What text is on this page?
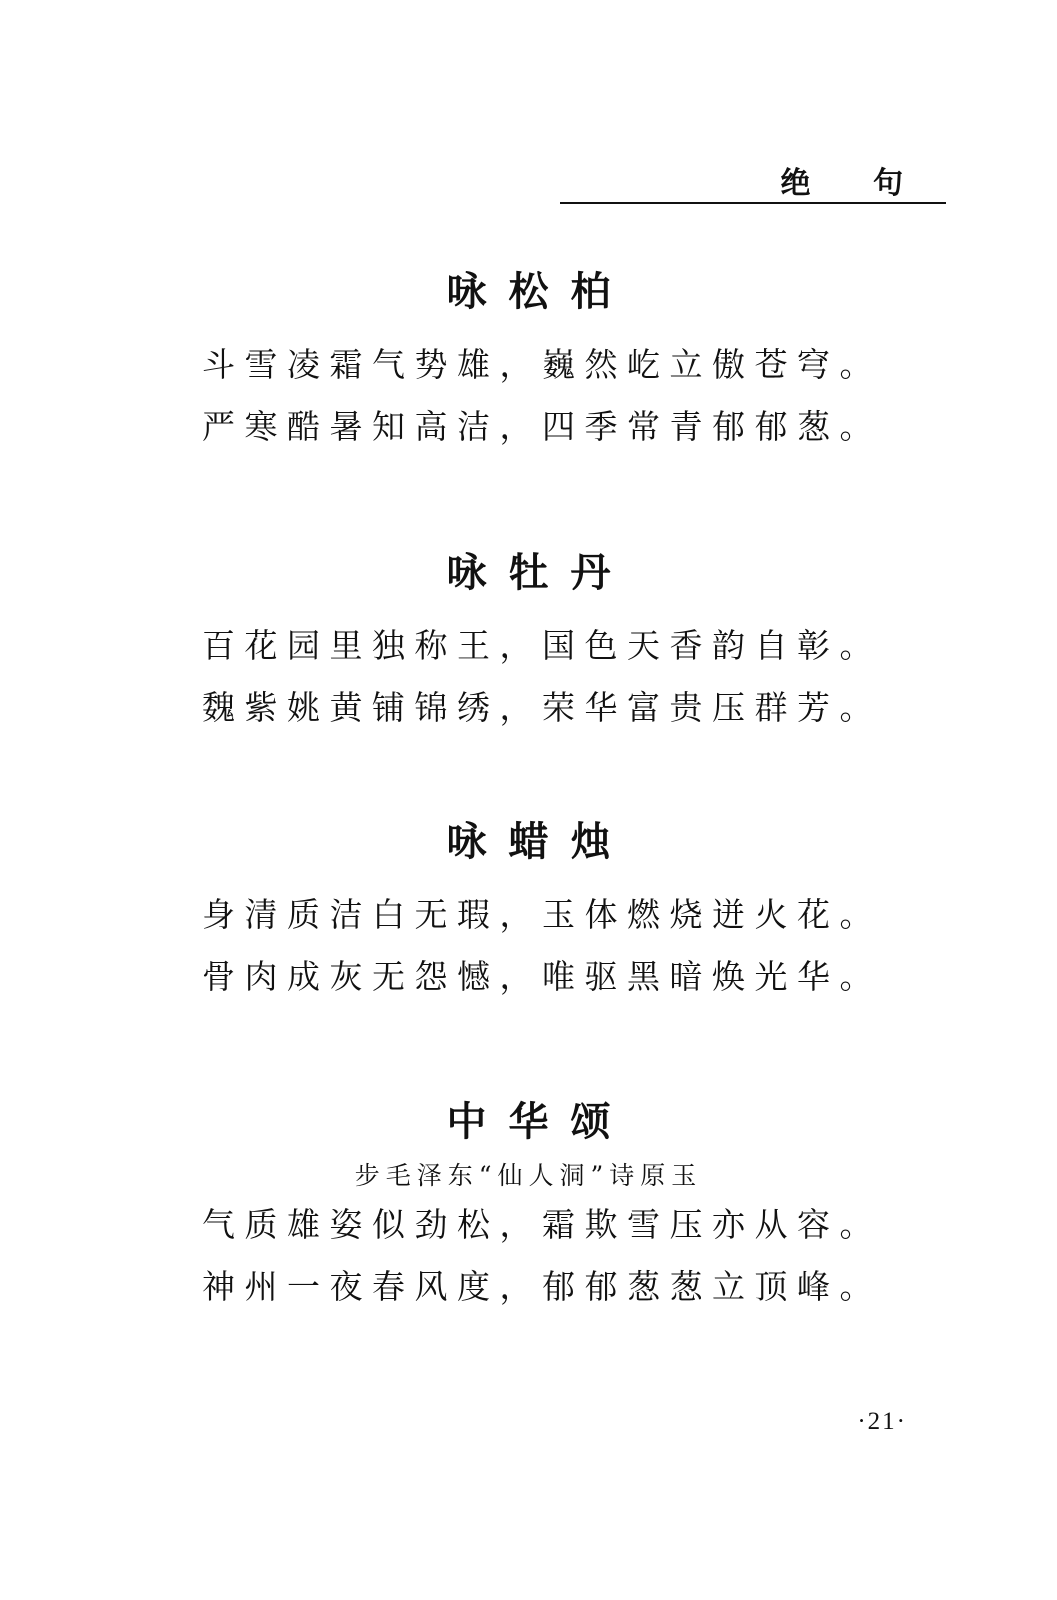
绝 句
咏松柏
斗雪凌霜气势雄，巍然屹立傲苍穹。
严寒酷暑知高洁，四季常青郁郁葱。
咏牡丹
百花园里独称王，国色天香韵自彰。
魏紫姚黄铺锦绣，荣华富贵压群芳。
咏蜡烛
身清质洁白无瑕，玉体燃烧迸火花。
骨肉成灰无怨憾，唯驱黑暗焕光华。
中华颂
步毛泽东“仙人洞”诗原玉
气质雄姿似劲松，霜欺雪压亦从容。
神州一夜春风度，郁郁葱葱立顶峰。
·21·
